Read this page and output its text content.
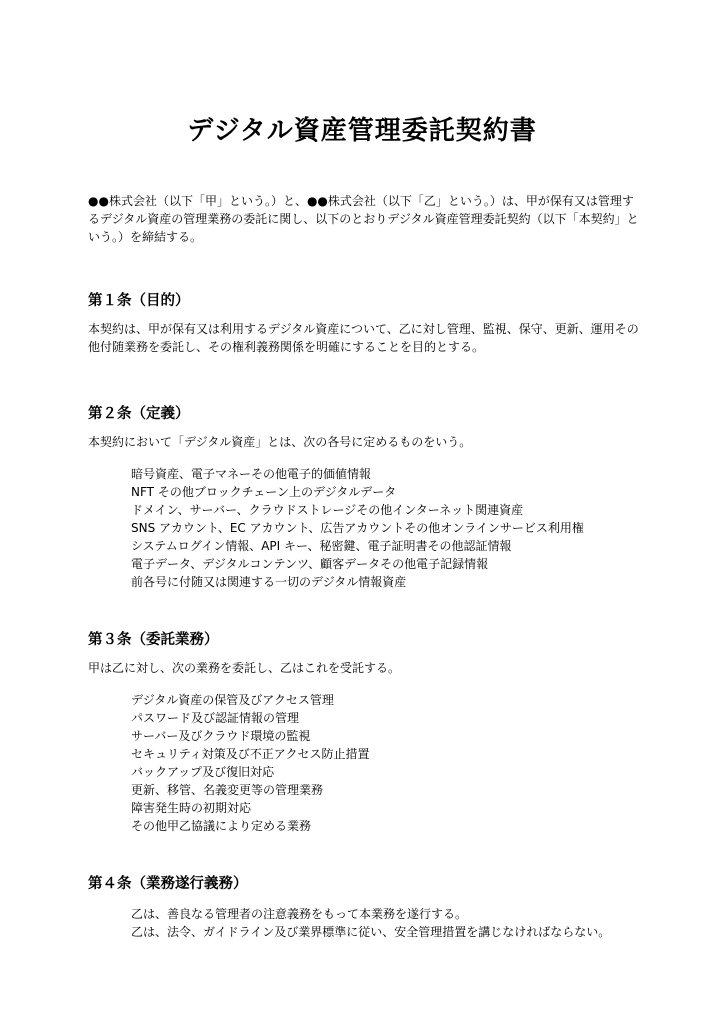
デジタル資産管理委託契約書

●●株式会社（以下「甲」という。）と、●●株式会社（以下「乙」という。）は、甲が保有又は管理するデジタル資産の管理業務の委託に関し、以下のとおりデジタル資産管理委託契約（以下「本契約」という。）を締結する。

第１条（目的）

本契約は、甲が保有又は利用するデジタル資産について、乙に対し管理、監視、保守、更新、運用その他付随業務を委託し、その権利義務関係を明確にすることを目的とする。

第２条（定義）

本契約において「デジタル資産」とは、次の各号に定めるものをいう。

暗号資産、電子マネーその他電子的価値情報
NFT その他ブロックチェーン上のデジタルデータ
ドメイン、サーバー、クラウドストレージその他インターネット関連資産
SNS アカウント、EC アカウント、広告アカウントその他オンラインサービス利用権
システムログイン情報、API キー、秘密鍵、電子証明書その他認証情報
電子データ、デジタルコンテンツ、顧客データその他電子記録情報
前各号に付随又は関連する一切のデジタル情報資産
第３条（委託業務）

甲は乙に対し、次の業務を委託し、乙はこれを受託する。

デジタル資産の保管及びアクセス管理
パスワード及び認証情報の管理
サーバー及びクラウド環境の監視
セキュリティ対策及び不正アクセス防止措置
バックアップ及び復旧対応
更新、移管、名義変更等の管理業務
障害発生時の初期対応
その他甲乙協議により定める業務
第４条（業務遂行義務）
乙は、善良なる管理者の注意義務をもって本業務を遂行する。
乙は、法令、ガイドライン及び業界標準に従い、安全管理措置を講じなければならない。
